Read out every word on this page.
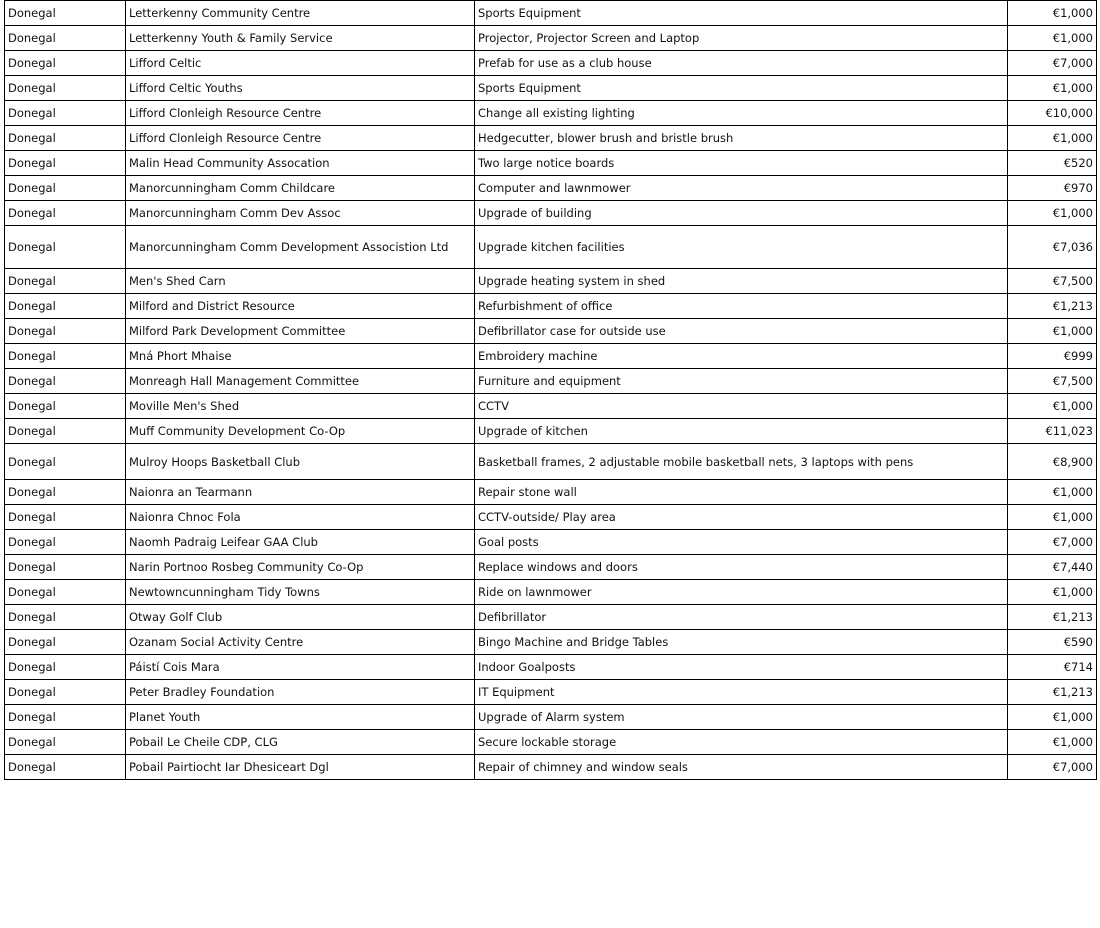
Donegal	Letterkenny Community Centre	Sports Equipment	€1,000
Donegal	Letterkenny Youth & Family Service	Projector, Projector Screen and Laptop	€1,000
Donegal	Lifford Celtic	Prefab for use as a club house	€7,000
Donegal	Lifford Celtic Youths	Sports Equipment	€1,000
Donegal	Lifford Clonleigh Resource Centre	Change all existing lighting	€10,000
Donegal	Lifford Clonleigh Resource Centre	Hedgecutter, blower brush and bristle brush	€1,000
Donegal	Malin Head Community Assocation	Two large notice boards	€520
Donegal	Manorcunningham Comm Childcare	Computer and lawnmower	€970
Donegal	Manorcunningham Comm Dev Assoc	Upgrade of building	€1,000
Donegal	Manorcunningham Comm Development Associstion Ltd	Upgrade kitchen facilities	€7,036
Donegal	Men's Shed Carn	Upgrade heating system in shed	€7,500
Donegal	Milford and District Resource	Refurbishment of office	€1,213
Donegal	Milford Park Development Committee	Defibrillator case for outside use	€1,000
Donegal	Mná Phort Mhaise	Embroidery machine	€999
Donegal	Monreagh Hall Management Committee	Furniture and equipment	€7,500
Donegal	Moville Men's Shed	CCTV	€1,000
Donegal	Muff Community Development Co-Op	Upgrade of kitchen	€11,023
Donegal	Mulroy Hoops Basketball Club	Basketball frames, 2 adjustable mobile basketball nets, 3 laptops with pens	€8,900
Donegal	Naionra an Tearmann	Repair stone wall	€1,000
Donegal	Naionra Chnoc Fola	CCTV-outside/ Play area	€1,000
Donegal	Naomh Padraig Leifear GAA Club	Goal posts	€7,000
Donegal	Narin Portnoo Rosbeg Community Co-Op	Replace windows and doors	€7,440
Donegal	Newtowncunningham Tidy Towns	Ride on lawnmower	€1,000
Donegal	Otway Golf Club	Defibrillator	€1,213
Donegal	Ozanam Social Activity Centre	Bingo Machine and Bridge Tables	€590
Donegal	Páistí Cois Mara	Indoor Goalposts	€714
Donegal	Peter Bradley Foundation	IT Equipment	€1,213
Donegal	Planet Youth	Upgrade of Alarm system	€1,000
Donegal	Pobail Le Cheile CDP, CLG	Secure lockable storage	€1,000
Donegal	Pobail Pairtiocht Iar Dhesiceart Dgl	Repair of chimney and window seals	€7,000
